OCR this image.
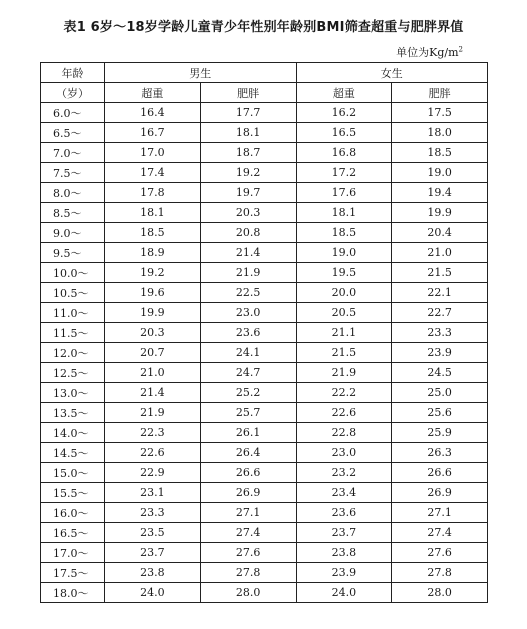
表1 6岁～18岁学龄儿童青少年性别年龄别BMI筛查超重与肥胖界值
单位为$Kg/m^2$
年龄	男生		女生	
（岁）	超重	肥胖	超重	肥胖
6.0～	16.4	17.7	16.2	17.5
6.5～	16.7	18.1	16.5	18.0
7.0～	17.0	18.7	16.8	18.5
7.5～	17.4	19.2	17.2	19.0
8.0～	17.8	19.7	17.6	19.4
8.5～	18.1	20.3	18.1	19.9
9.0～	18.5	20.8	18.5	20.4
9.5～	18.9	21.4	19.0	21.0
10.0～	19.2	21.9	19.5	21.5
10.5～	19.6	22.5	20.0	22.1
11.0～	19.9	23.0	20.5	22.7
11.5～	20.3	23.6	21.1	23.3
12.0～	20.7	24.1	21.5	23.9
12.5～	21.0	24.7	21.9	24.5
13.0～	21.4	25.2	22.2	25.0
13.5～	21.9	25.7	22.6	25.6
14.0～	22.3	26.1	22.8	25.9
14.5～	22.6	26.4	23.0	26.3
15.0～	22.9	26.6	23.2	26.6
15.5～	23.1	26.9	23.4	26.9
16.0～	23.3	27.1	23.6	27.1
16.5～	23.5	27.4	23.7	27.4
17.0～	23.7	27.6	23.8	27.6
17.5～	23.8	27.8	23.9	27.8
18.0～	24.0	28.0	24.0	28.0
